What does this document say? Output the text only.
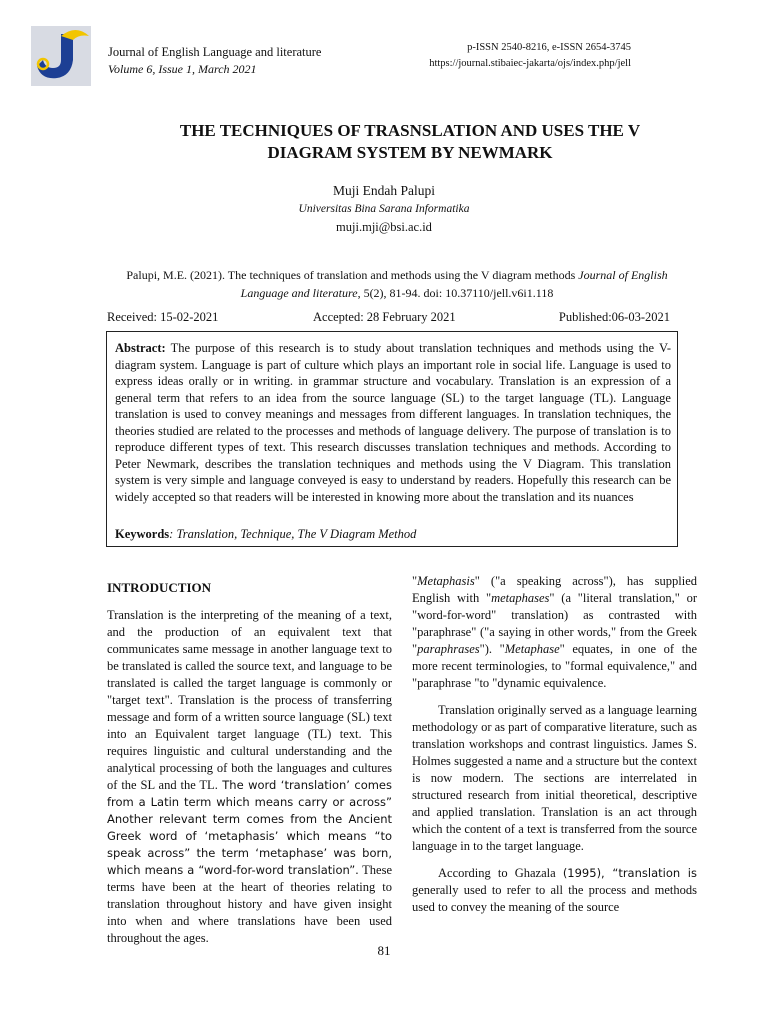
Journal of English Language and literature
Volume 6, Issue 1, March 2021
p-ISSN 2540-8216, e-ISSN 2654-3745
https://journal.stibaiec-jakarta/ojs/index.php/jell
THE TECHNIQUES OF TRASNSLATION AND USES THE V
DIAGRAM SYSTEM BY NEWMARK
Muji Endah Palupi
Universitas Bina Sarana Informatika
muji.mji@bsi.ac.id
Palupi, M.E. (2021). The techniques of translation and methods using the V diagram methods Journal of English Language and literature, 5(2), 81-94. doi: 10.37110/jell.v6i1.118
Received: 15-02-2021	Accepted: 28 February 2021	Published:06-03-2021
Abstract: The purpose of this research is to study about translation techniques and methods using the V-diagram system. Language is part of culture which plays an important role in social life. Language is used to express ideas orally or in writing. in grammar structure and vocabulary. Translation is an expression of a general term that refers to an idea from the source language (SL) to the target language (TL). Language translation is used to convey meanings and messages from different languages. In translation techniques, the theories studied are related to the processes and methods of language delivery. The purpose of translation is to reproduce different types of text. This research discusses translation techniques and methods. According to Peter Newmark, describes the translation techniques and methods using the V Diagram. This translation system is very simple and language conveyed is easy to understand by readers. Hopefully this research can be widely accepted so that readers will be interested in knowing more about the translation and its nuances
Keywords: Translation, Technique, The V Diagram Method

INTRODUCTION

Translation is the interpreting of the meaning of a text, and the production of an equivalent text that communicates same message in another language text to be translated is called the source text, and language to be translated is called the target language is commonly or "target text". Translation is the process of transferring message and form of a written source language (SL) text into an Equivalent target language (TL) text. This requires linguistic and cultural understanding and the analytical processing of both the languages and cultures of the SL and the TL. The word ‘translation’ comes from a Latin term which means carry or across” Another relevant term comes from the Ancient Greek word of ‘metaphasis’ which means “to speak across” the term ‘metaphase’ was born, which means a “word-for-word translation”. These terms have been at the heart of theories relating to translation throughout history and have given insight into when and where translations have been used throughout the ages.

"Metaphasis" ("a speaking across"), has supplied English with "metaphases" (a "literal translation," or "word-for-word" translation) as contrasted with "paraphrase" ("a saying in other words," from the Greek "paraphrases"). "Metaphase" equates, in one of the more recent terminologies, to "formal equivalence," and "paraphrase "to "dynamic equivalence.

Translation originally served as a language learning methodology or as part of comparative literature, such as translation workshops and contrast linguistics. James S. Holmes suggested a name and a structure but the context is now modern. The sections are interrelated in structured research from initial theoretical, descriptive and applied translation. Translation is an act through which the content of a text is transferred from the source language in to the target language.

According to Ghazala (1995), “translation is generally used to refer to all the process and methods used to convey the meaning of the source

81
